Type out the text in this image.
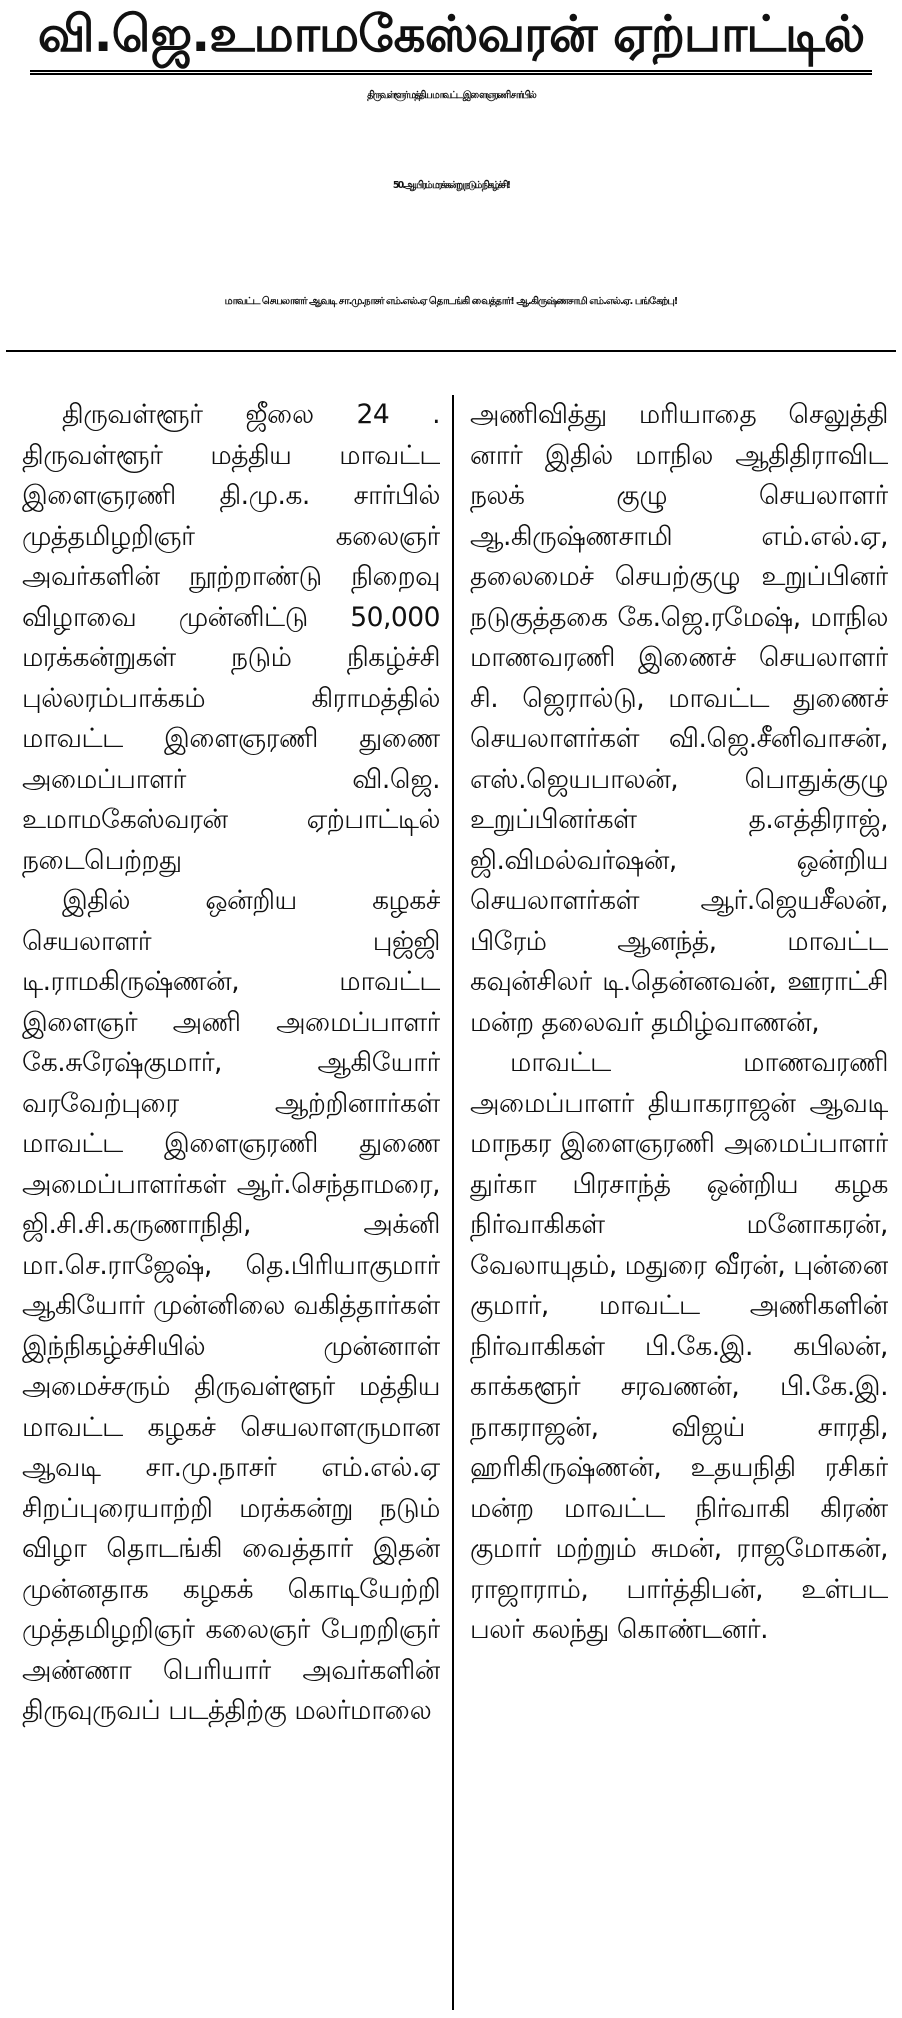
வி.ஜெ.உமாமகேஸ்வரன் ஏற்பாட்டில்
திருவள்ளூர் மத்திய மாவட்ட இளைஞரணி சார்பில்
50.ஆயிரம் மரக்கன்று நடும் நிகழ்ச்சி!
மாவட்ட செயலாளர் ஆவடி சா.மு.நாசர் எம்.எல்.ஏ தொடங்கி வைத்தார்! ஆ.கிருஷ்ணசாமி எம்.எல்.ஏ. பங்கேற்பு!

திருவள்ளூர் ஜீலை 24 . திருவள்ளூர் மத்திய மாவட்ட இளைஞரணி தி.மு.க. சார்பில் முத்தமிழறிஞர் கலைஞர் அவர்களின் நூற்றாண்டு நிறைவு விழாவை முன்னிட்டு 50,000 மரக்கன்றுகள் நடும் நிகழ்ச்சி புல்லரம்பாக்கம் கிராமத்தில் மாவட்ட இளைஞரணி துணை அமைப்பாளர் வி.ஜெ. உமாமகேஸ்வரன் ஏற்பாட்டில் நடைபெற்றது

இதில் ஒன்றிய கழகச் செயலாளர் புஜ்ஜி டி.ராமகிருஷ்ணன், மாவட்ட இளைஞர் அணி அமைப்பாளர் கே.சுரேஷ்குமார், ஆகியோர் வரவேற்புரை ஆற்றினார்கள் மாவட்ட இளைஞரணி துணை அமைப்பாளர்கள் ஆர்.செந்தாமரை, ஜி.சி.சி.கருணாநிதி, அக்னி மா.செ.ராஜேஷ், தெ.பிரியாகுமார் ஆகியோர் முன்னிலை வகித்தார்கள் இந்நிகழ்ச்சியில் முன்னாள் அமைச்சரும் திருவள்ளூர் மத்திய மாவட்ட கழகச் செயலாளருமான ஆவடி சா.மு.நாசர் எம்.எல்.ஏ சிறப்புரையாற்றி மரக்கன்று நடும் விழா தொடங்கி வைத்தார் இதன் முன்னதாக கழகக் கொடியேற்றி முத்தமிழறிஞர் கலைஞர் பேறறிஞர் அண்ணா பெரியார் அவர்களின் திருவுருவப் படத்திற்கு மலர்மாலை

அணிவித்து மரியாதை செலுத்தி னார் இதில் மாநில ஆதிதிராவிட நலக் குழு செயலாளர் ஆ.கிருஷ்ணசாமி எம்.எல்.ஏ, தலைமைச் செயற்குழு உறுப்பினர் நடுகுத்தகை கே.ஜெ.ரமேஷ், மாநில மாணவரணி இணைச் செயலாளர் சி. ஜெரால்டு, மாவட்ட துணைச் செயலாளர்கள் வி.ஜெ.சீனிவாசன், எஸ்.ஜெயபாலன், பொதுக்குழு உறுப்பினர்கள் த.எத்திராஜ், ஜி.விமல்வர்ஷன், ஒன்றிய செயலாளர்கள் ஆர்.ஜெயசீலன், பிரேம் ஆனந்த், மாவட்ட கவுன்சிலர் டி.தென்னவன், ஊராட்சி மன்ற தலைவர் தமிழ்வாணன்,

மாவட்ட மாணவரணி அமைப்பாளர் தியாகராஜன் ஆவடி மாநகர இளைஞரணி அமைப்பாளர் துர்கா பிரசாந்த் ஒன்றிய கழக நிர்வாகிகள் மனோகரன், வேலாயுதம், மதுரை வீரன், புன்னை குமார், மாவட்ட அணிகளின் நிர்வாகிகள் பி.கே.இ. கபிலன், காக்களூர் சரவணன், பி.கே.இ. நாகராஜன், விஜய் சாரதி, ஹரிகிருஷ்ணன், உதயநிதி ரசிகர் மன்ற மாவட்ட நிர்வாகி கிரண் குமார் மற்றும் சுமன், ராஜமோகன், ராஜாராம், பார்த்திபன், உள்பட பலர் கலந்து கொண்டனர்.
